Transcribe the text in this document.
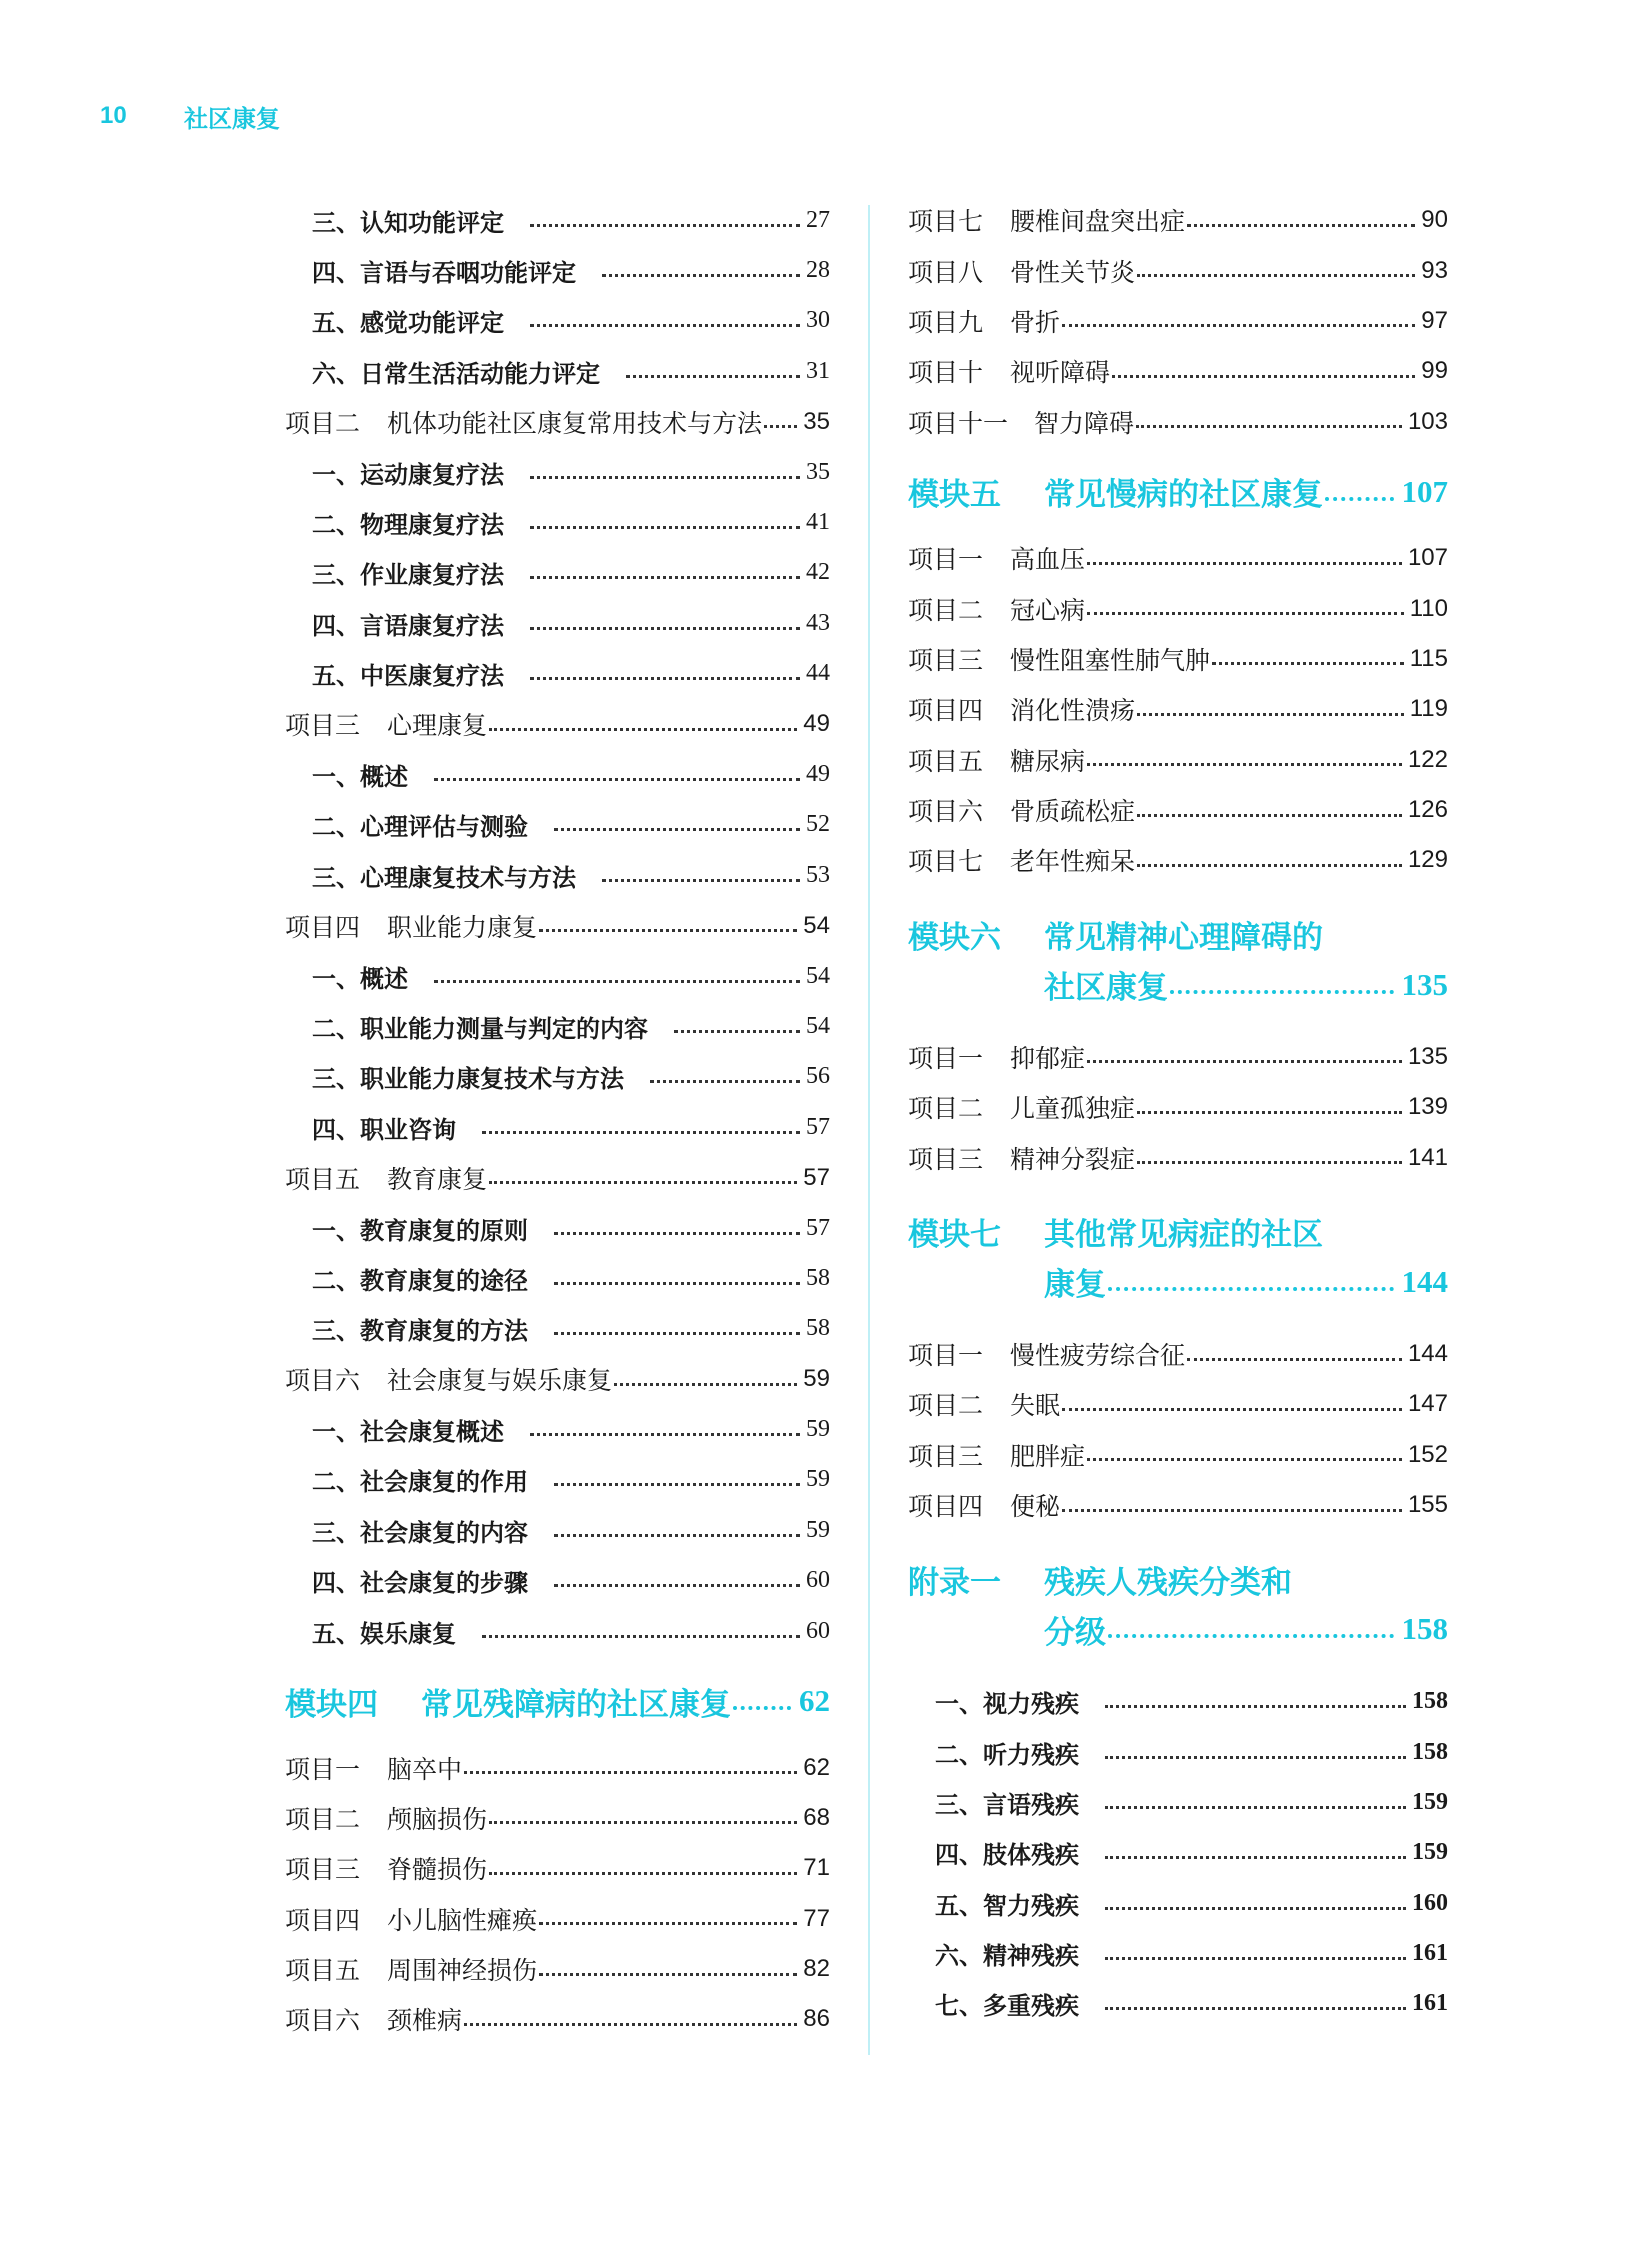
10	社区康复
三、认知功能评定	27
四、言语与吞咽功能评定	28
五、感觉功能评定	30
六、日常生活活动能力评定	31
项目二	机体功能社区康复常用技术与方法 35
一、运动康复疗法	35
二、物理康复疗法	41
三、作业康复疗法	42
四、言语康复疗法	43
五、中医康复疗法	44
项目三	心理康复	49
一、概述	49
二、心理评估与测验	52
三、心理康复技术与方法	53
项目四	职业能力康复	54
一、概述	54
二、职业能力测量与判定的内容	54
三、职业能力康复技术与方法	56
四、职业咨询	57
项目五	教育康复	57
一、教育康复的原则	57
二、教育康复的途径	58
三、教育康复的方法	58
项目六	社会康复与娱乐康复	59
一、社会康复概述	59
二、社会康复的作用	59
三、社会康复的内容	59
四、社会康复的步骤	60
五、娱乐康复	60
模块四	常见残障病的社区康复 62
项目一	脑卒中	62
项目二	颅脑损伤	68
项目三	脊髓损伤	71
项目四	小儿脑性瘫痪	77
项目五	周围神经损伤	82
项目六	颈椎病	86
项目七	腰椎间盘突出症	90
项目八	骨性关节炎	93
项目九	骨折	97
项目十	视听障碍	99
项目十一	智力障碍	103
模块五	常见慢病的社区康复	107
项目一	高血压	107
项目二	冠心病	110
项目三	慢性阻塞性肺气肿	115
项目四	消化性溃疡	119
项目五	糖尿病	122
项目六	骨质疏松症	126
项目七	老年性痴呆	129
模块六	常见精神心理障碍的
社区康复	135
项目一	抑郁症	135
项目二	儿童孤独症	139
项目三	精神分裂症	141
模块七	其他常见病症的社区
康复	144
项目一	慢性疲劳综合征	144
项目二	失眠	147
项目三	肥胖症	152
项目四	便秘	155
附录一	残疾人残疾分类和
分级	158
一、视力残疾	158
二、听力残疾	158
三、言语残疾	159
四、肢体残疾	159
五、智力残疾	160
六、精神残疾	161
七、多重残疾	161
